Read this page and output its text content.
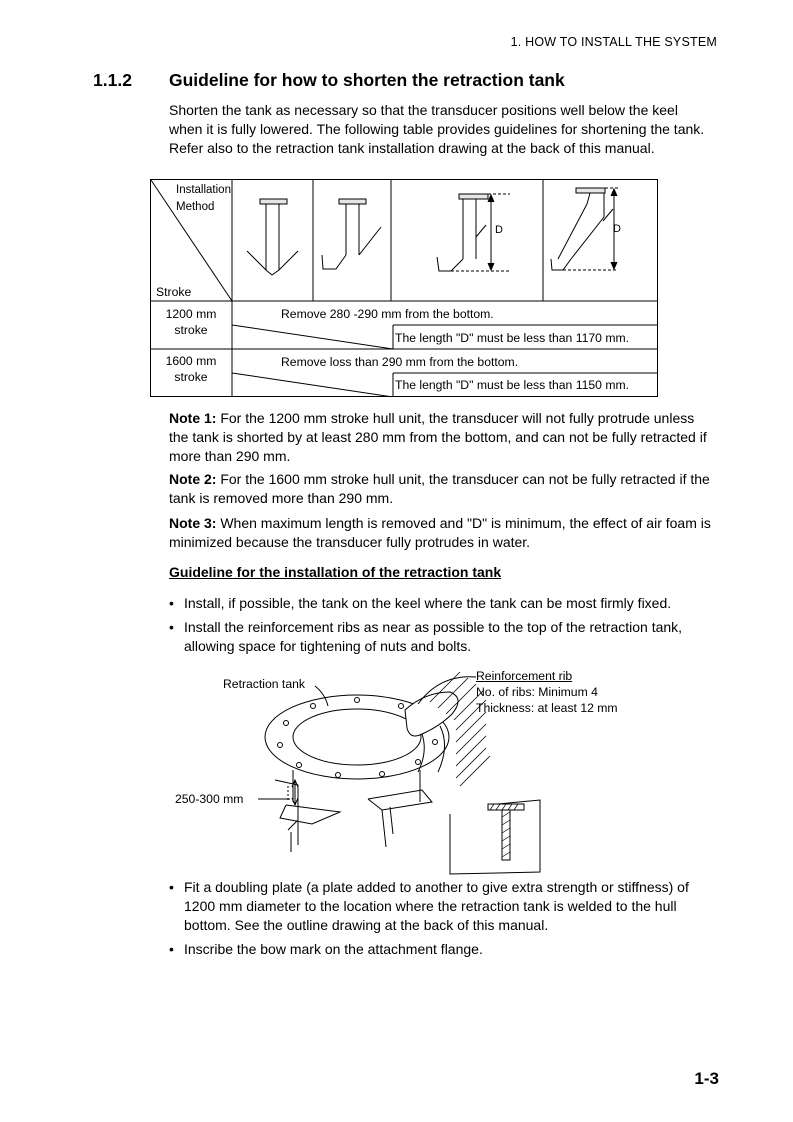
1. HOW TO INSTALL THE SYSTEM
1.1.2 Guideline for how to shorten the retraction tank

Shorten the tank as necessary so that the transducer positions well below the keel

when it is fully lowered. The following table provides guidelines for shortening the tank.

Refer also to the retraction tank installation drawing at the back of this manual.

Installation
Method
Stroke
D	D
1200 mm
stroke
Remove 280 -290 mm from the bottom.
The length "D" must be less than 1170 mm.
1600 mm
stroke
Remove loss than 290 mm from the bottom.
The length "D" must be less than 1150 mm.

Note 1: For the 1200 mm stroke hull unit, the transducer will not fully protrude unless the tank is shorted by at least 280 mm from the bottom, and can not be fully retracted if more than 290 mm.

Note 2: For the 1600 mm stroke hull unit, the transducer can not be fully retracted if the tank is removed more than 290 mm.

Note 3: When maximum length is removed and "D" is minimum, the effect of air foam is minimized because the transducer fully protrudes in water.

Guideline for the installation of the retraction tank
• Install, if possible, the tank on the keel where the tank can be most firmly fixed.
• Install the reinforcement ribs as near as possible to the top of the retraction tank, allowing space for tightening of nuts and bolts.
Retraction tank
Reinforcement rib
No. of ribs: Minimum 4
Thickness: at least 12 mm
250-300 mm
• Fit a doubling plate (a plate added to another to give extra strength or stiffness) of 1200 mm diameter to the location where the retraction tank is welded to the hull bottom. See the outline drawing at the back of this manual.
• Inscribe the bow mark on the attachment flange.
1-3
